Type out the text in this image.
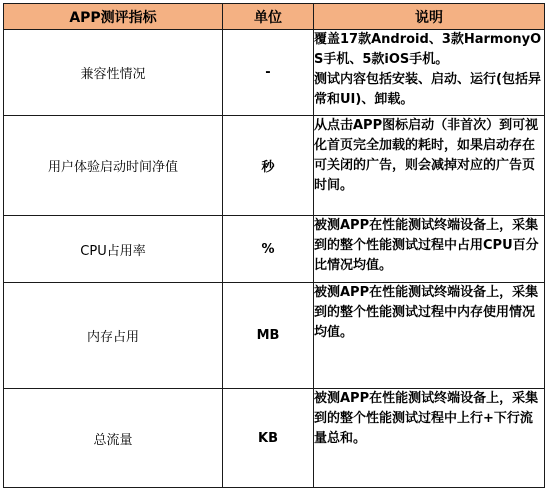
APP测评指标	单位	说明
兼容性情况	-	覆盖17款Android、3款HarmonyOS手机、5款iOS手机。

测试内容包括安装、启动、运行(包括异常和UI)、卸载。

用户体验启动时间净值	秒	从点击APP图标启动（非首次）到可视化首页完全加载的耗时，如果启动存在可关闭的广告，则会减掉对应的广告页时间。

CPU占用率	%	被测APP在性能测试终端设备上，采集到的整个性能测试过程中占用CPU百分比情况均值。

内存占用	MB	被测APP在性能测试终端设备上，采集到的整个性能测试过程中内存使用情况均值。

总流量	KB	被测APP在性能测试终端设备上，采集到的整个性能测试过程中上行+下行流量总和。
